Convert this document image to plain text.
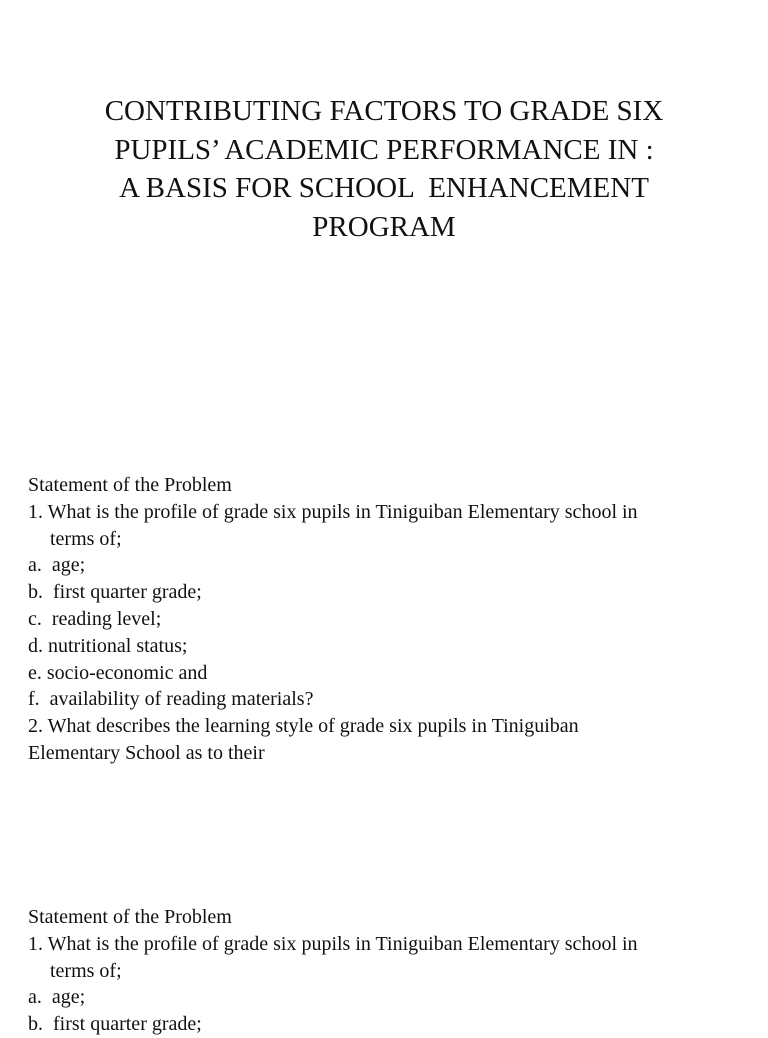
CONTRIBUTING FACTORS TO GRADE SIX
PUPILS’ ACADEMIC PERFORMANCE IN :
A BASIS FOR SCHOOL  ENHANCEMENT
PROGRAM
Statement of the Problem
1. What is the profile of grade six pupils in Tiniguiban Elementary school in
terms of;
a. age;
b. first quarter grade;
c. reading level;
d. nutritional status;
e. socio-economic and
f. availability of reading materials?
2. What describes the learning style of grade six pupils in Tiniguiban
Elementary School as to their
Statement of the Problem
1. What is the profile of grade six pupils in Tiniguiban Elementary school in
terms of;
a. age;
b. first quarter grade;
